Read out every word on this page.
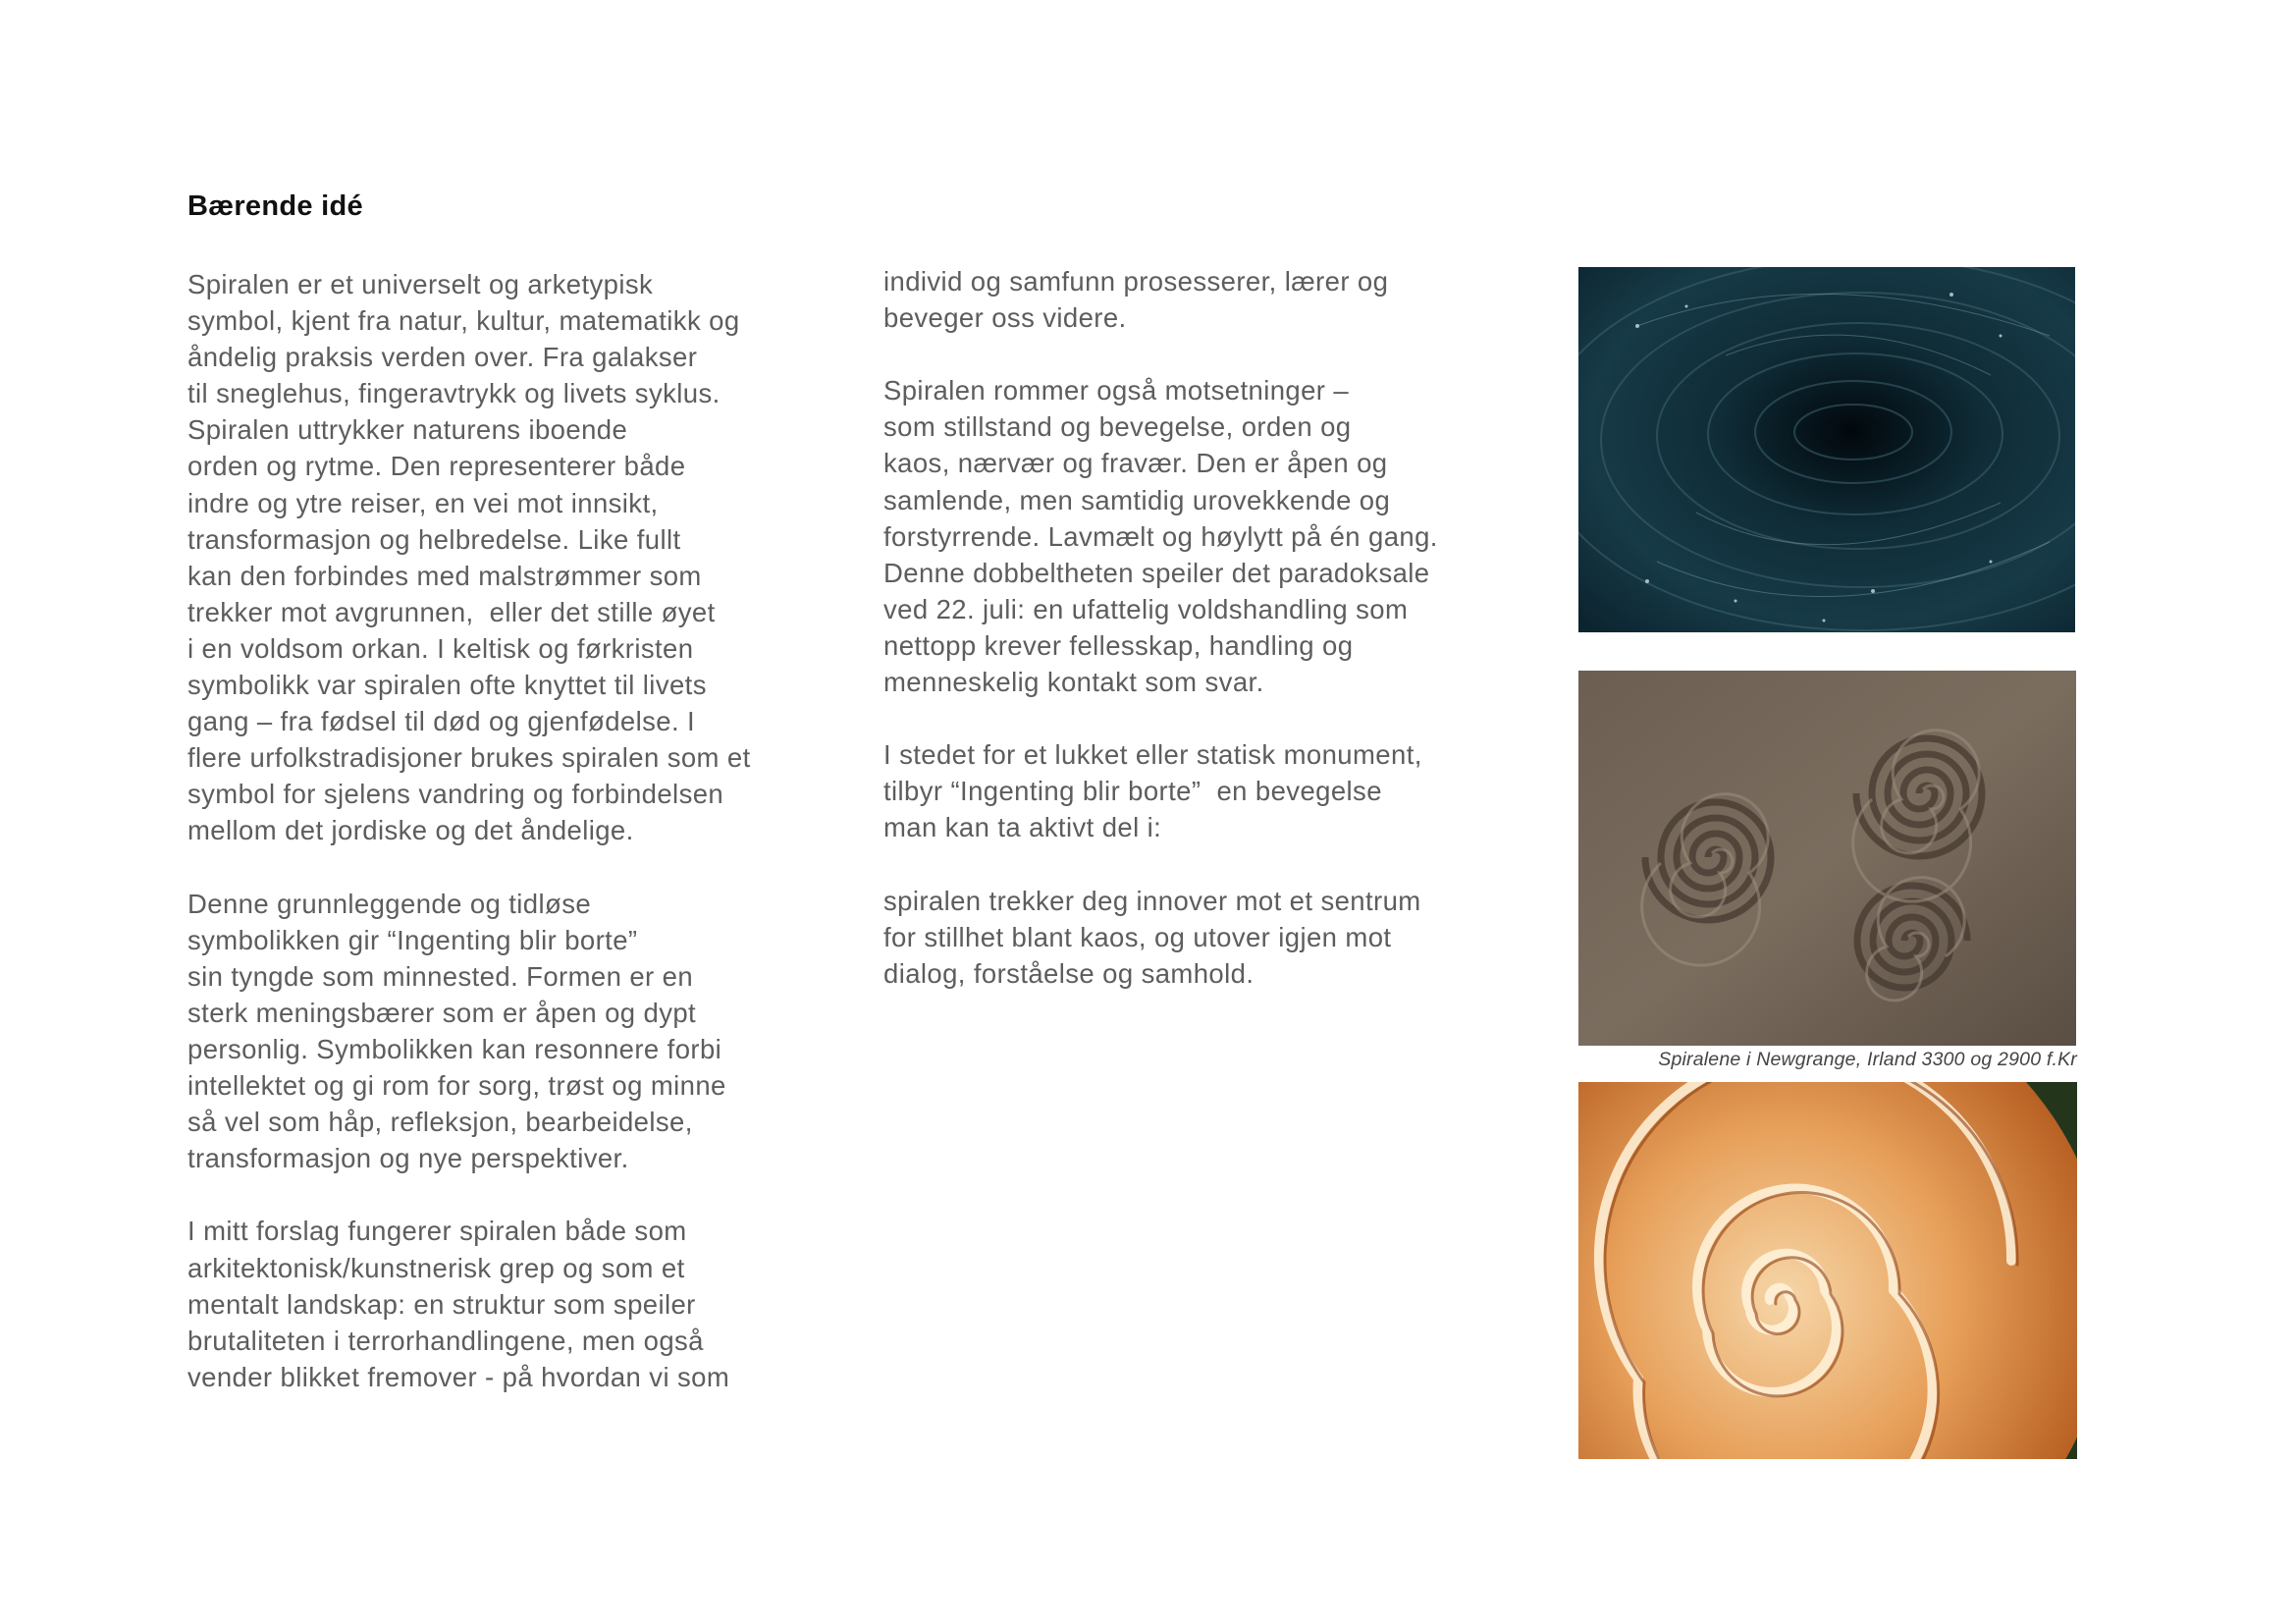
Bærende idé
Spiralen er et universelt og arketypisk
symbol, kjent fra natur, kultur, matematikk og
åndelig praksis verden over. Fra galakser
til sneglehus, fingeravtrykk og livets syklus.
Spiralen uttrykker naturens iboende
orden og rytme. Den representerer både
indre og ytre reiser, en vei mot innsikt,
transformasjon og helbredelse. Like fullt
kan den forbindes med malstrømmer som
trekker mot avgrunnen,  eller det stille øyet
i en voldsom orkan. I keltisk og førkristen
symbolikk var spiralen ofte knyttet til livets
gang – fra fødsel til død og gjenfødelse. I
flere urfolkstradisjoner brukes spiralen som et
symbol for sjelens vandring og forbindelsen
mellom det jordiske og det åndelige.
Denne grunnleggende og tidløse
symbolikken gir “Ingenting blir borte”
sin tyngde som minnested. Formen er en
sterk meningsbærer som er åpen og dypt
personlig. Symbolikken kan resonnere forbi
intellektet og gi rom for sorg, trøst og minne
så vel som håp, refleksjon, bearbeidelse,
transformasjon og nye perspektiver.
I mitt forslag fungerer spiralen både som
arkitektonisk/kunstnerisk grep og som et
mentalt landskap: en struktur som speiler
brutaliteten i terrorhandlingene, men også
vender blikket fremover - på hvordan vi som
individ og samfunn prosesserer, lærer og
beveger oss videre.
Spiralen rommer også motsetninger –
som stillstand og bevegelse, orden og
kaos, nærvær og fravær. Den er åpen og
samlende, men samtidig urovekkende og
forstyrrende. Lavmælt og høylytt på én gang.
Denne dobbeltheten speiler det paradoksale
ved 22. juli: en ufattelig voldshandling som
nettopp krever fellesskap, handling og
menneskelig kontakt som svar.
I stedet for et lukket eller statisk monument,
tilbyr “Ingenting blir borte”  en bevegelse
man kan ta aktivt del i:
spiralen trekker deg innover mot et sentrum
for stillhet blant kaos, og utover igjen mot
dialog, forståelse og samhold.
Spiralene i Newgrange, Irland 3300 og 2900 f.Kr
